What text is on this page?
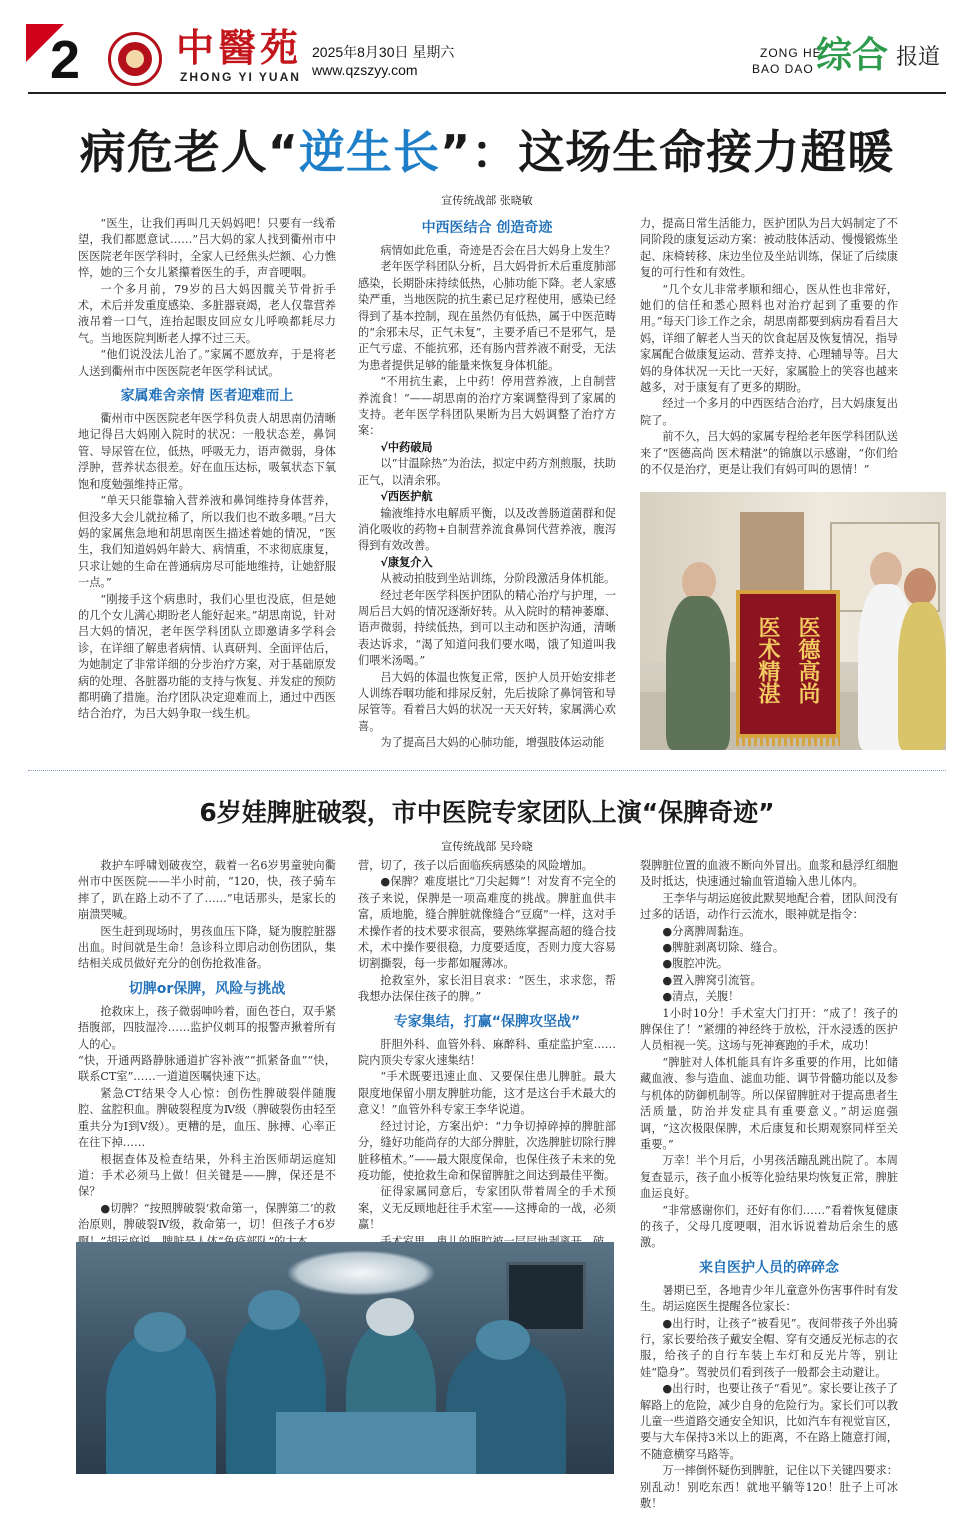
2	中醫苑
ZHONG YI YUAN
2025年8月30日 星期六
www.qzszyy.com
ZONG HE
BAO DAO 综合 报道
病危老人“逆生长”：这场生命接力超暖
宣传统战部 张晓敏

“医生，让我们再叫几天妈妈吧！只要有一线希望，我们都愿意试……”吕大妈的家人找到衢州市中医医院老年医学科时，全家人已经焦头烂额、心力憔悴，她的三个女儿紧攥着医生的手，声音哽咽。

一个多月前，79岁的吕大妈因髋关节骨折手术，术后并发重度感染、多脏器衰竭，老人仅靠营养液吊着一口气，连抬起眼皮回应女儿呼唤都耗尽力气。当地医院判断老人撑不过三天。

“他们说没法儿治了。”家属不愿放弃，于是将老人送到衢州市中医医院老年医学科试试。

家属难舍亲情 医者迎难而上

衢州市中医医院老年医学科负责人胡思南仍清晰地记得吕大妈刚入院时的状况：一般状态差，鼻饲管、导尿管在位，低热，呼吸无力，语声微弱，身体浮肿，营养状态很差。好在血压达标，吸氧状态下氧饱和度勉强维持正常。

“单天只能靠输入营养液和鼻饲维持身体营养，但没多大会儿就拉稀了，所以我们也不敢多喂。”吕大妈的家属焦急地和胡思南医生描述着她的情况，“医生，我们知道妈妈年龄大、病情重，不求彻底康复，只求让她的生命在普通病房尽可能地维持，让她舒服一点。”

“刚接手这个病患时，我们心里也没底，但是她的几个女儿满心期盼老人能好起来。”胡思南说，针对吕大妈的情况，老年医学科团队立即邀请多学科会诊，在详细了解患者病情、认真研判、全面评估后，为她制定了非常详细的分步治疗方案，对于基础原发病的处理、各脏器功能的支持与恢复、并发症的预防都明确了措施。治疗团队决定迎难而上，通过中西医结合治疗，为吕大妈争取一线生机。

中西医结合 创造奇迹

病情如此危重，奇迹是否会在吕大妈身上发生？

老年医学科团队分析，吕大妈骨折术后重度肺部感染，长期卧床持续低热，心肺功能下降。老人家感染严重，当地医院的抗生素已足疗程使用，感染已经得到了基本控制，现在虽然仍有低热，属于中医范畴的“余邪未尽，正气未复”，主要矛盾已不是邪气，是正气亏虚、不能抗邪，还有肠内营养液不耐受，无法为患者提供足够的能量来恢复身体机能。

“不用抗生素，上中药！停用营养液，上自制营养流食！”——胡思南的治疗方案调整得到了家属的支持。老年医学科团队果断为吕大妈调整了治疗方案：

√中药破局

以“甘温除热”为治法，拟定中药方剂煎服，扶助正气，以清余邪。

√西医护航

输液维持水电解质平衡，以及改善肠道菌群和促消化吸收的药物+自制营养流食鼻饲代营养液，腹泻得到有效改善。

√康复介入

从被动拍肢到坐站训练，分阶段激活身体机能。

经过老年医学科医护团队的精心治疗与护理，一周后吕大妈的情况逐渐好转。从入院时的精神萎靡、语声微弱，持续低热，到可以主动和医护沟通，清晰表达诉求，“渴了知道问我们要水喝，饿了知道叫我们喂米汤喝。”

吕大妈的体温也恢复正常，医护人员开始安排老人训练吞咽功能和排尿反射，先后拔除了鼻饲管和导尿管等。看着吕大妈的状况一天天好转，家属满心欢喜。

为了提高吕大妈的心肺功能，增强肢体运动能

力，提高日常生活能力，医护团队为吕大妈制定了不同阶段的康复运动方案：被动肢体活动、慢慢锻炼坐起、床椅转移、床边坐位及坐站训练，保证了后续康复的可行性和有效性。

“几个女儿非常孝顺和细心，医从性也非常好，她们的信任和悉心照料也对治疗起到了重要的作用。”每天门诊工作之余，胡思南都要到病房看看吕大妈，详细了解老人当天的饮食起居及恢复情况，指导家属配合做康复运动、营养支持、心理辅导等。吕大妈的身体状况一天比一天好，家属脸上的笑容也越来越多，对于康复有了更多的期盼。

经过一个多月的中西医结合治疗，吕大妈康复出院了。

前不久，吕大妈的家属专程给老年医学科团队送来了“医德高尚 医术精湛”的锦旗以示感谢，“你们给的不仅是治疗，更是让我们有妈可叫的恩情！”

医德高尚
医术精湛
6岁娃脾脏破裂，市中医院专家团队上演“保脾奇迹”
宣传统战部 吴玲晓

救护车呼啸划破夜空，载着一名6岁男童驶向衢州市中医医院——半小时前，“120，快，孩子骑车摔了，趴在路上动不了了……”电话那头，是家长的崩溃哭喊。

医生赶到现场时，男孩血压下降，疑为腹腔脏器出血。时间就是生命！急诊科立即启动创伤团队，集结相关成员做好充分的创伤抢救准备。

切脾or保脾，风险与挑战

抢救床上，孩子微弱呻吟着，面色苍白，双手紧捂腹部，四肢湿冷……监护仪刺耳的报警声揪着所有人的心。

“快，开通两路静脉通道扩容补液”“抓紧备血”“快，联系CT室”……一道道医嘱快速下达。

紧急CT结果令人心惊：创伤性脾破裂伴随腹腔、盆腔积血。脾破裂程度为Ⅳ级（脾破裂伤由轻至重共分为Ⅰ到Ⅴ级）。更糟的是，血压、脉搏、心率正在往下掉……

根据查体及检查结果，外科主治医师胡运庭知道：手术必须马上做！但关键是——脾，保还是不保？

●切脾？“按照脾破裂‘救命第一，保脾第二’的救治原则，脾破裂Ⅳ级，救命第一，切！但孩子才6岁

营，切了，孩子以后面临疾病感染的风险增加。

●保脾？难度堪比“刀尖起舞”！对发育不完全的孩子来说，保脾是一项高难度的挑战。脾脏血供丰富，质地脆，缝合脾脏就像缝合“豆腐”一样，这对手术操作者的技术要求很高，要熟练掌握高超的缝合技术，术中操作要很稳，力度要适度，否则力度大容易切割撕裂，每一步都如履薄冰。

抢救室外，家长泪目哀求：“医生，求求您，帮我想办法保住孩子的脾。”

专家集结，打赢“保脾攻坚战”

肝胆外科、血管外科、麻醉科、重症监护室……院内顶尖专家火速集结！

“手术既要迅速止血、又要保住患儿脾脏。最大限度地保留小朋友脾脏功能，这才是这台手术最大的意义！”血管外科专家王李华说道。

经过讨论，方案出炉：“力争切掉碎掉的脾脏部分，缝好功能尚存的大部分脾脏，次选脾脏切除行脾脏移植术。”——最大限度保命，也保住孩子未来的免疫功能，使抢救生命和保留脾脏之间达到最佳平衡。

征得家属同意后，专家团队带着周全的手术预案，义无反顾地赶往手术室——这搏命的一战，必须赢！

裂脾脏位置的血液不断向外冒出。血浆和悬浮红细胞及时抵达，快速通过输血管道输入患儿体内。

王李华与胡运庭彼此默契地配合着，团队间没有过多的话语，动作行云流水，眼神就是指令：

●分离脾周黏连。

●脾脏剥离切除、缝合。

●腹腔冲洗。

●置入脾窝引流管。

●清点，关腹！

1小时10分！手术室大门打开：“成了！孩子的脾保住了！”紧绷的神经终于放松，汗水浸透的医护人员相视一笑。这场与死神赛跑的手术，成功！

“脾脏对人体机能具有许多重要的作用，比如储藏血液、参与造血、滤血功能、调节骨髓功能以及参与机体的防御机制等。所以保留脾脏对于提高患者生活质量，防治并发症具有重要意义。”胡运庭强调，“这次极限保脾，术后康复和长期观察同样至关重要。”

万幸！半个月后，小男孩活蹦乱跳出院了。本周复查显示，孩子血小板等化验结果均恢复正常，脾脏血运良好。

“非常感谢你们，还好有你们……”看着恢复健康的孩子，父母几度哽咽，泪水诉说着劫后余生的感激。

来自医护人员的碎碎念

暑期已至，各地青少年儿童意外伤害事件时有发生。胡运庭医生提醒各位家长：

●出行时，让孩子“被看见”。夜间带孩子外出骑行，家长要给孩子戴安全帽、穿有交通反光标志的衣服，给孩子的自行车装上车灯和反光片等，别让娃“隐身”。驾驶员们看到孩子一般都会主动避让。

●出行时，也要让孩子“看见”。家长要让孩子了解路上的危险，减少自身的危险行为。家长们可以教儿童一些道路交通安全知识，比如汽车有视觉盲区，要与大车保持3米以上的距离，不在路上随意打闹，不随意横穿马路等。

万一摔倒怀疑伤到脾脏，记住以下关键四要求：别乱动！别吃东西！就地平躺等120！肚子上可冰敷！
